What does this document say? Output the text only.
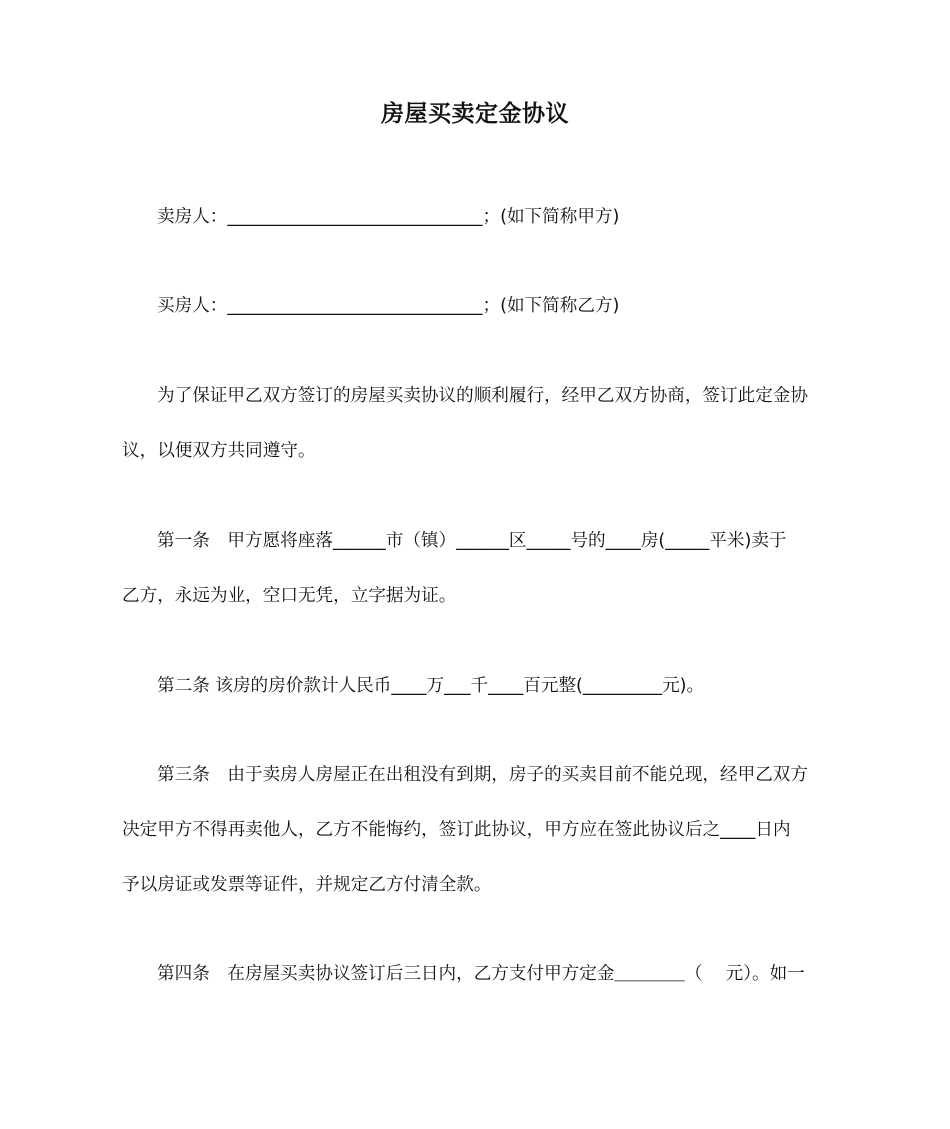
房屋买卖定金协议
卖房人：_____________________________；(如下简称甲方)
买房人：_____________________________；(如下简称乙方)
为了保证甲乙双方签订的房屋买卖协议的顺利履行，经甲乙双方协商，签订此定金协
议，以便双方共同遵守。
第一条　甲方愿将座落______市（镇）______区_____号的____房(_____平米)卖于
乙方，永远为业，空口无凭，立字据为证。
第二条 该房的房价款计人民币____万___千____百元整(_________元)。
第三条　由于卖房人房屋正在出租没有到期，房子的买卖目前不能兑现，经甲乙双方
决定甲方不得再卖他人，乙方不能悔约，签订此协议，甲方应在签此协议后之____日内
予以房证或发票等证件，并规定乙方付清全款。
第四条　在房屋买卖协议签订后三日内，乙方支付甲方定金＿＿＿＿（　 元）。如一
